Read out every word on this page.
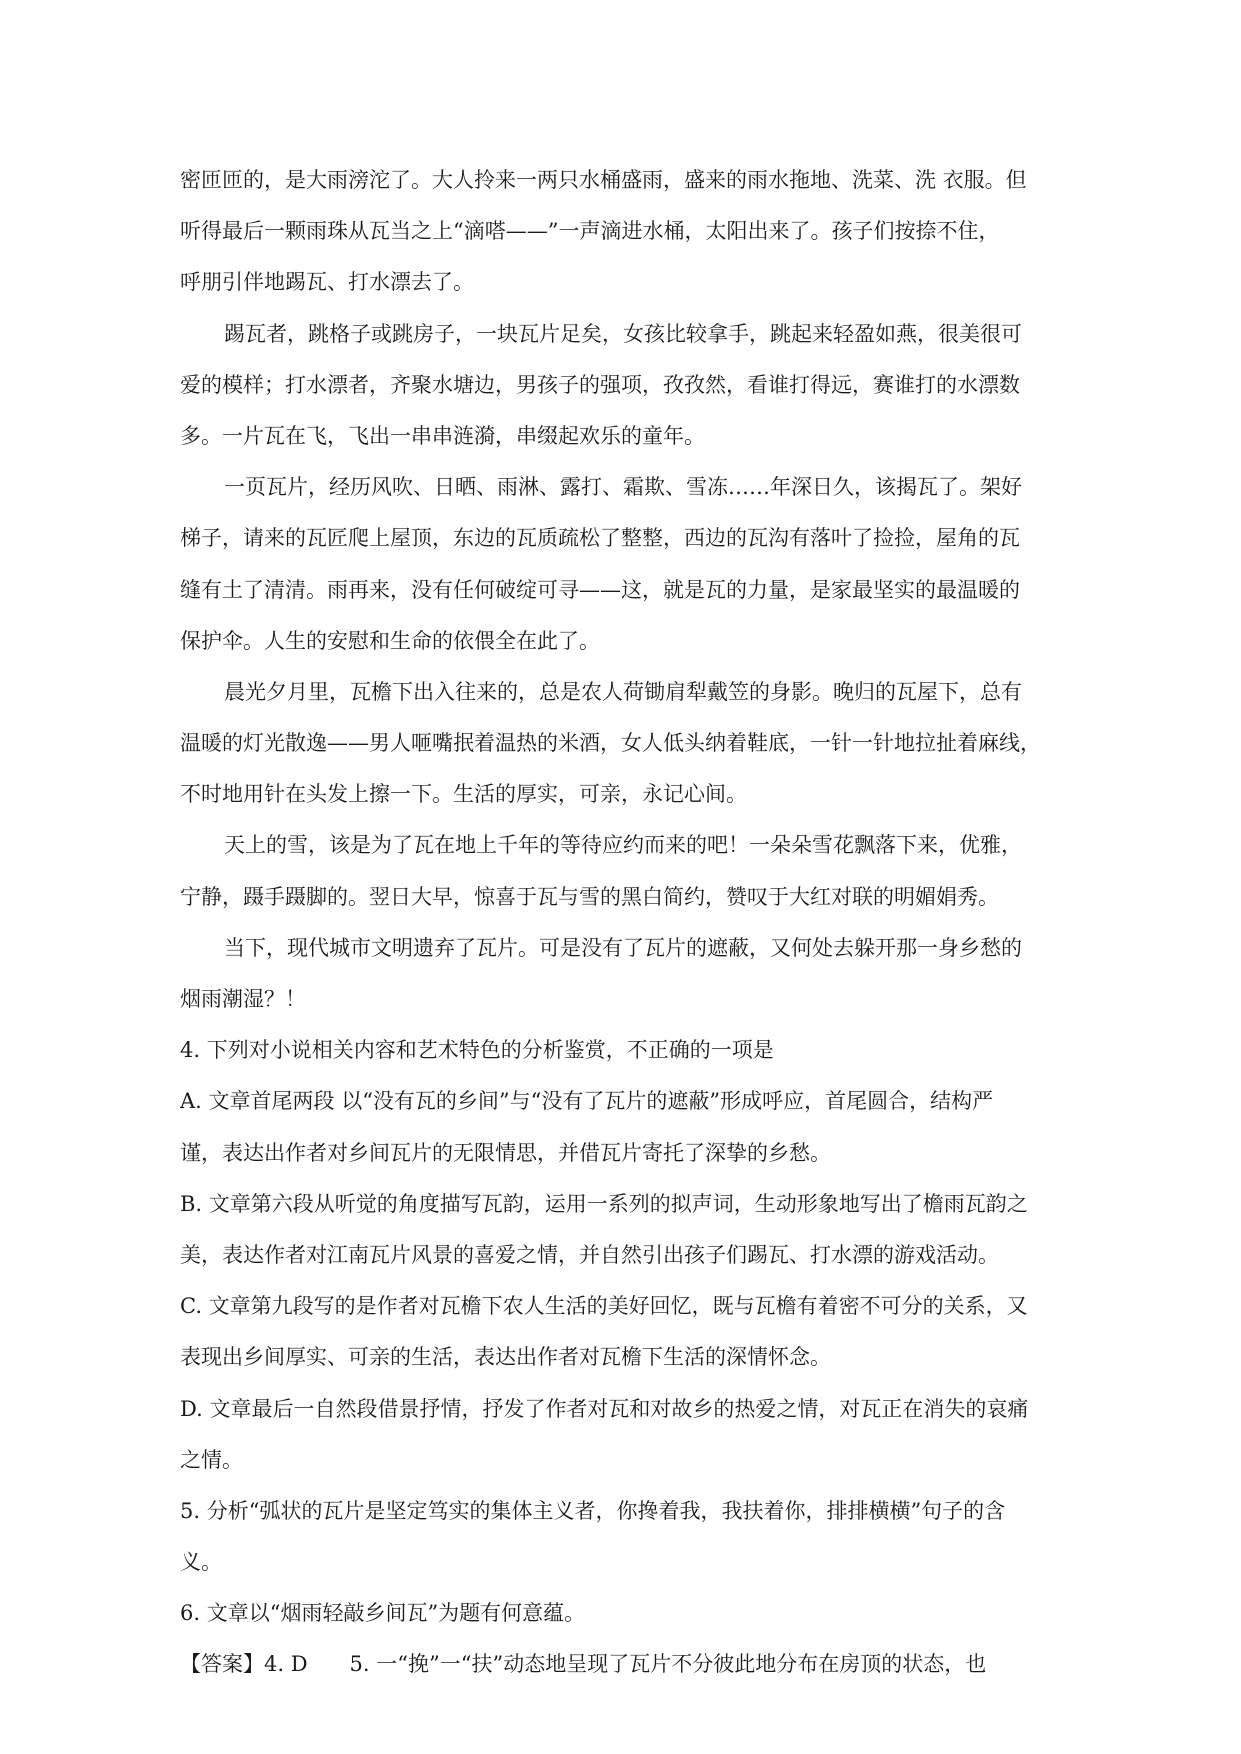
密匝匝的，是大雨滂沱了。大人拎来一两只水桶盛雨，盛来的雨水拖地、洗菜、洗 衣服。但
听得最后一颗雨珠从瓦当之上“滴嗒——”一声滴进水桶，太阳出来了。孩子们按捺不住，
呼朋引伴地踢瓦、打水漂去了。
踢瓦者，跳格子或跳房子，一块瓦片足矣，女孩比较拿手，跳起来轻盈如燕，很美很可
爱的模样；打水漂者，齐聚水塘边，男孩子的强项，孜孜然，看谁打得远，赛谁打的水漂数
多。一片瓦在飞，飞出一串串涟漪，串缀起欢乐的童年。
一页瓦片，经历风吹、日晒、雨淋、露打、霜欺、雪冻……年深日久，该揭瓦了。架好
梯子，请来的瓦匠爬上屋顶，东边的瓦质疏松了整整，西边的瓦沟有落叶了捡捡，屋角的瓦
缝有土了清清。雨再来，没有任何破绽可寻——这，就是瓦的力量，是家最坚实的最温暖的
保护伞。人生的安慰和生命的依偎全在此了。
晨光夕月里，瓦檐下出入往来的，总是农人荷锄肩犁戴笠的身影。晚归的瓦屋下，总有
温暖的灯光散逸——男人咂嘴抿着温热的米酒，女人低头纳着鞋底，一针一针地拉扯着麻线，
不时地用针在头发上擦一下。生活的厚实，可亲，永记心间。
天上的雪，该是为了瓦在地上千年的等待应约而来的吧！一朵朵雪花飘落下来，优雅，
宁静，蹑手蹑脚的。翌日大早，惊喜于瓦与雪的黑白简约，赞叹于大红对联的明媚娟秀。
当下，现代城市文明遗弃了瓦片。可是没有了瓦片的遮蔽，又何处去躲开那一身乡愁的
烟雨潮湿？！
4. 下列对小说相关内容和艺术特色的分析鉴赏，不正确的一项是
A. 文章首尾两段 以“没有瓦的乡间”与“没有了瓦片的遮蔽”形成呼应，首尾圆合，结构严
谨，表达出作者对乡间瓦片的无限情思，并借瓦片寄托了深挚的乡愁。
B. 文章第六段从听觉的角度描写瓦韵，运用一系列的拟声词，生动形象地写出了檐雨瓦韵之
美，表达作者对江南瓦片风景的喜爱之情，并自然引出孩子们踢瓦、打水漂的游戏活动。
C. 文章第九段写的是作者对瓦檐下农人生活的美好回忆，既与瓦檐有着密不可分的关系，又
表现出乡间厚实、可亲的生活，表达出作者对瓦檐下生活的深情怀念。
D. 文章最后一自然段借景抒情，抒发了作者对瓦和对故乡的热爱之情，对瓦正在消失的哀痛
之情。
5. 分析“弧状的瓦片是坚定笃实的集体主义者，你搀着我，我扶着你，排排横横”句子的含
义。
6. 文章以“烟雨轻敲乡间瓦”为题有何意蕴。
【答案】4. D　　5. 一“挽”一“扶”动态地呈现了瓦片不分彼此地分布在房顶的状态，也
